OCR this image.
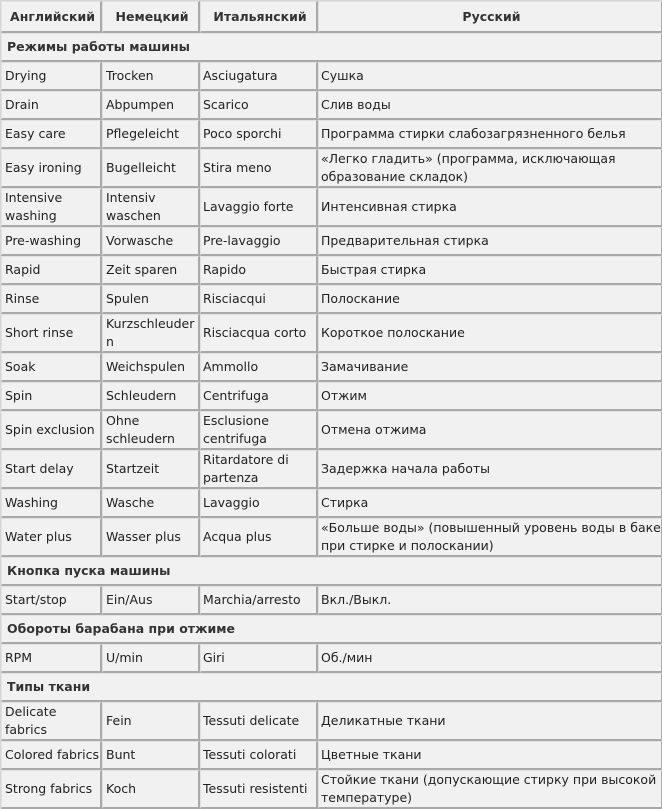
Английский	Немецкий	Итальянский	Русский
Режимы работы машины			
Drying	Trocken	Asciugatura	Сушка
Drain	Abpumpen	Scarico	Слив воды
Easy care	Pflegeleicht	Poco sporchi	Программа стирки слабозагрязненного белья
Easy ironing	Bugelleicht	Stira meno	«Легко гладить» (программа, исключающая образование складок)
Intensive washing	Intensiv waschen	Lavaggio forte	Интенсивная стирка
Pre-washing	Vorwasche	Pre-lavaggio	Предварительная стирка
Rapid	Zeit sparen	Rapido	Быстрая стирка
Rinse	Spulen	Risciacqui	Полоскание
Short rinse	Kurzschleudern	Risciacqua corto	Короткое полоскание
Soak	Weichspulen	Ammollo	Замачивание
Spin	Schleudern	Centrifuga	Отжим
Spin exclusion	Ohne schleudern	Esclusione centrifuga	Отмена отжима
Start delay	Startzeit	Ritardatore di partenza	Задержка начала работы
Washing	Wasche	Lavaggio	Стирка
Water plus	Wasser plus	Acqua plus	«Больше воды» (повышенный уровень воды в баке при стирке и полоскании)
Кнопка пуска машины			
Start/stop	Ein/Aus	Marchia/arresto	Вкл./Выкл.
Обороты барабана при отжиме			
RPM	U/min	Giri	Об./мин
Типы ткани			
Delicate fabrics	Fein	Tessuti delicate	Деликатные ткани
Colored fabrics	Bunt	Tessuti colorati	Цветные ткани
Strong fabrics	Koch	Tessuti resistenti	Стойкие ткани (допускающие стирку при высокой температуре)
